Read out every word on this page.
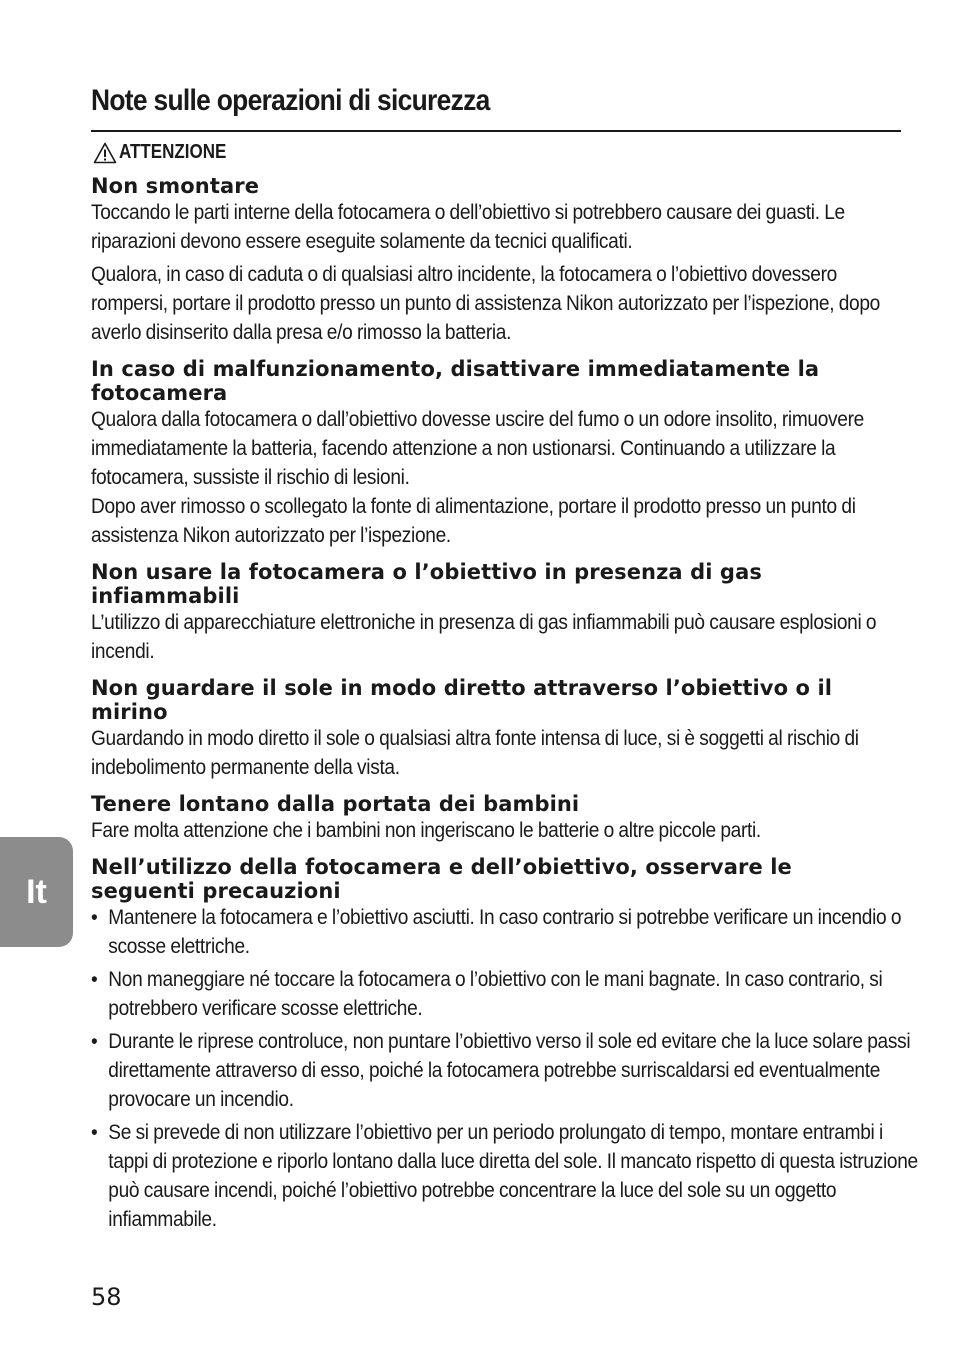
Note sulle operazioni di sicurezza
ATTENZIONE
Non smontare

Toccando le parti interne della fotocamera o dell’obiettivo si potrebbero causare dei guasti. Le riparazioni devono essere eseguite solamente da tecnici qualificati.

Qualora, in caso di caduta o di qualsiasi altro incidente, la fotocamera o l’obiettivo dovessero rompersi, portare il prodotto presso un punto di assistenza Nikon autorizzato per l’ispezione, dopo averlo disinserito dalla presa e/o rimosso la batteria.

In caso di malfunzionamento, disattivare immediatamente la fotocamera

Qualora dalla fotocamera o dall’obiettivo dovesse uscire del fumo o un odore insolito, rimuovere immediatamente la batteria, facendo attenzione a non ustionarsi. Continuando a utilizzare la fotocamera, sussiste il rischio di lesioni.

Dopo aver rimosso o scollegato la fonte di alimentazione, portare il prodotto presso un punto di assistenza Nikon autorizzato per l’ispezione.

Non usare la fotocamera o l’obiettivo in presenza di gas infiammabili

L’utilizzo di apparecchiature elettroniche in presenza di gas infiammabili può causare esplosioni o incendi.

Non guardare il sole in modo diretto attraverso l’obiettivo o il mirino

Guardando in modo diretto il sole o qualsiasi altra fonte intensa di luce, si è soggetti al rischio di indebolimento permanente della vista.

Tenere lontano dalla portata dei bambini

Fare molta attenzione che i bambini non ingeriscano le batterie o altre piccole parti.

Nell’utilizzo della fotocamera e dell’obiettivo, osservare le seguenti precauzioni
• Mantenere la fotocamera e l’obiettivo asciutti. In caso contrario si potrebbe verificare un incendio o scosse elettriche.
• Non maneggiare né toccare la fotocamera o l’obiettivo con le mani bagnate. In caso contrario, si potrebbero verificare scosse elettriche.
• Durante le riprese controluce, non puntare l’obiettivo verso il sole ed evitare che la luce solare passi direttamente attraverso di esso, poiché la fotocamera potrebbe surriscaldarsi ed eventualmente provocare un incendio.
• Se si prevede di non utilizzare l’obiettivo per un periodo prolungato di tempo, montare entrambi i tappi di protezione e riporlo lontano dalla luce diretta del sole. Il mancato rispetto di questa istruzione può causare incendi, poiché l’obiettivo potrebbe concentrare la luce del sole su un oggetto infiammabile.
It
58
